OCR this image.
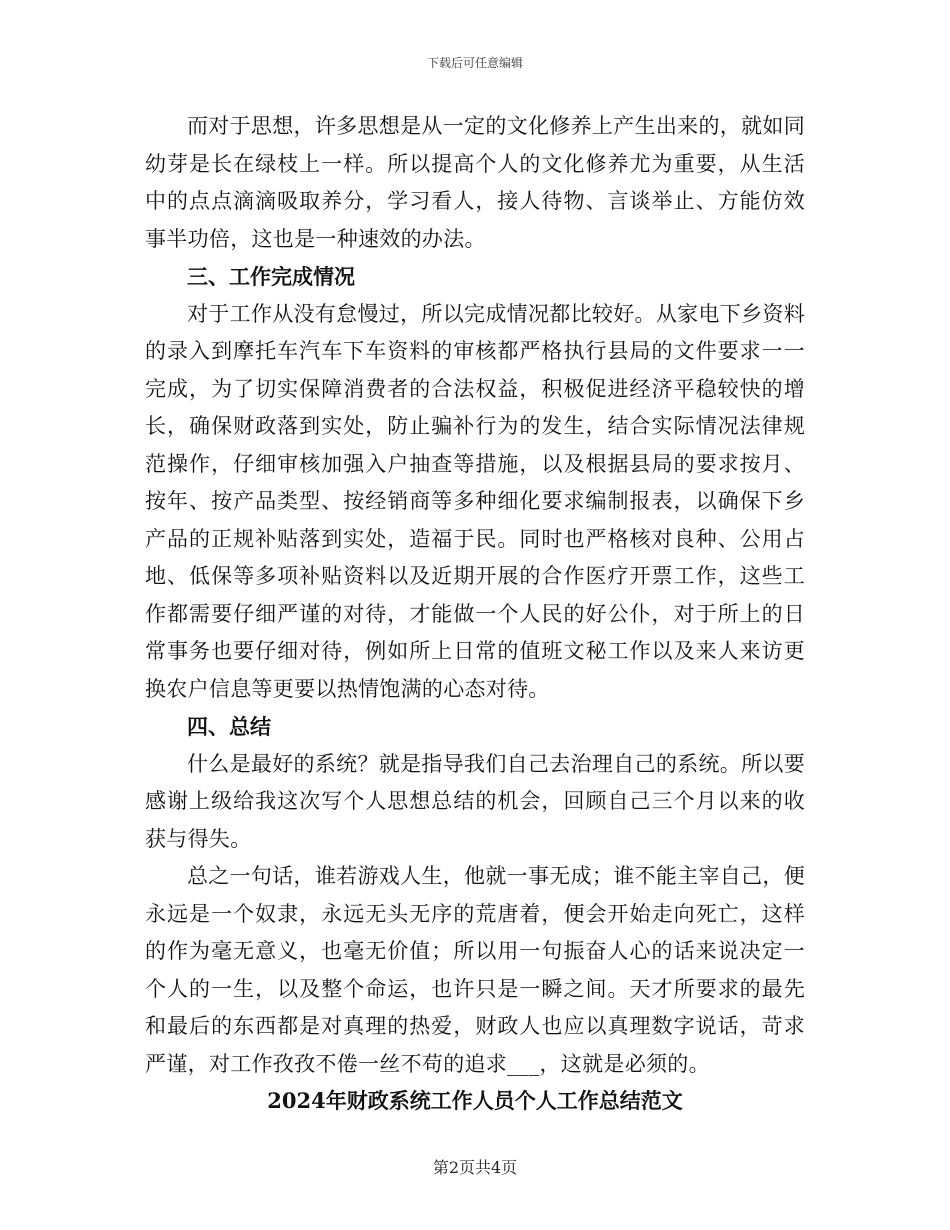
下载后可任意编辑

而对于思想，许多思想是从一定的文化修养上产生出来的，就如同幼芽是长在绿枝上一样。所以提高个人的文化修养尤为重要，从生活中的点点滴滴吸取养分，学习看人，接人待物、言谈举止、方能仿效事半功倍，这也是一种速效的办法。

三、工作完成情况

对于工作从没有怠慢过，所以完成情况都比较好。从家电下乡资料的录入到摩托车汽车下车资料的审核都严格执行县局的文件要求一一完成，为了切实保障消费者的合法权益，积极促进经济平稳较快的增长，确保财政落到实处，防止骗补行为的发生，结合实际情况法律规范操作，仔细审核加强入户抽查等措施，以及根据县局的要求按月、按年、按产品类型、按经销商等多种细化要求编制报表，以确保下乡产品的正规补贴落到实处，造福于民。同时也严格核对良种、公用占地、低保等多项补贴资料以及近期开展的合作医疗开票工作，这些工作都需要仔细严谨的对待，才能做一个人民的好公仆，对于所上的日常事务也要仔细对待，例如所上日常的值班文秘工作以及来人来访更换农户信息等更要以热情饱满的心态对待。

四、总结

什么是最好的系统？就是指导我们自己去治理自己的系统。所以要感谢上级给我这次写个人思想总结的机会，回顾自己三个月以来的收获与得失。

总之一句话，谁若游戏人生，他就一事无成；谁不能主宰自己，便永远是一个奴隶，永远无头无序的荒唐着，便会开始走向死亡，这样的作为毫无意义，也毫无价值；所以用一句振奋人心的话来说决定一个人的一生，以及整个命运，也许只是一瞬之间。天才所要求的最先和最后的东西都是对真理的热爱，财政人也应以真理数字说话，苛求严谨，对工作孜孜不倦一丝不苟的追求___，这就是必须的。

2024年财政系统工作人员个人工作总结范文
第2页共4页
